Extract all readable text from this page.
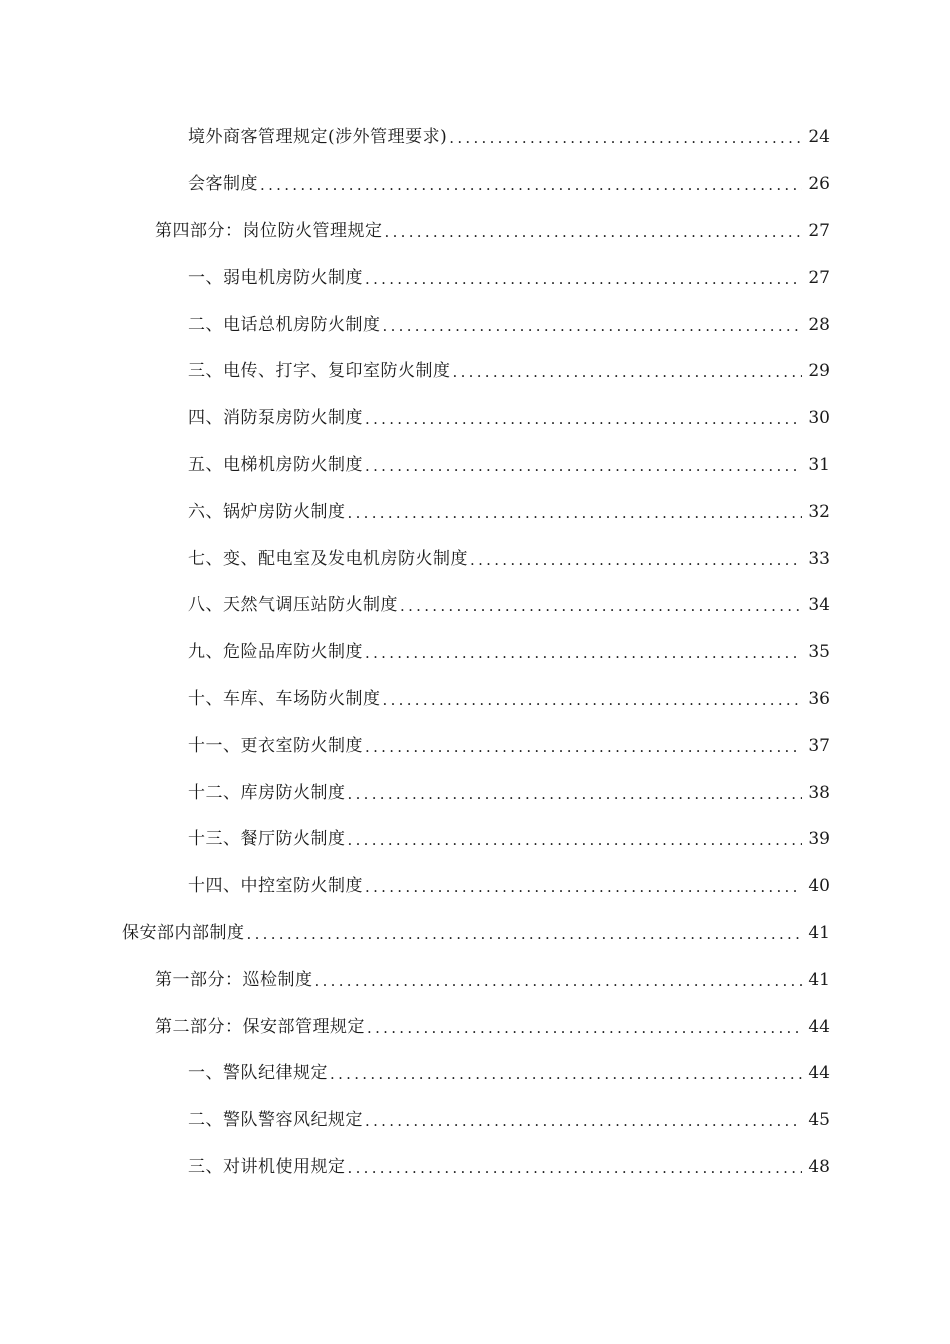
境外商客管理规定(涉外管理要求) .....	24
会客制度 .....	26
第四部分：岗位防火管理规定 .....	27
一、弱电机房防火制度 .....	27
二、电话总机房防火制度 .....	28
三、电传、打字、复印室防火制度 .....	29
四、消防泵房防火制度 .....	30
五、电梯机房防火制度 .....	31
六、锅炉房防火制度 .....	32
七、变、配电室及发电机房防火制度 .....	33
八、天然气调压站防火制度 .....	34
九、危险品库防火制度 .....	35
十、车库、车场防火制度 .....	36
十一、更衣室防火制度 .....	37
十二、库房防火制度 .....	38
十三、餐厅防火制度 .....	39
十四、中控室防火制度 .....	40
保安部内部制度 .....	41
第一部分：巡检制度 .....	41
第二部分：保安部管理规定 .....	44
一、警队纪律规定 .....	44
二、警队警容风纪规定 .....	45
三、对讲机使用规定 .....	48
